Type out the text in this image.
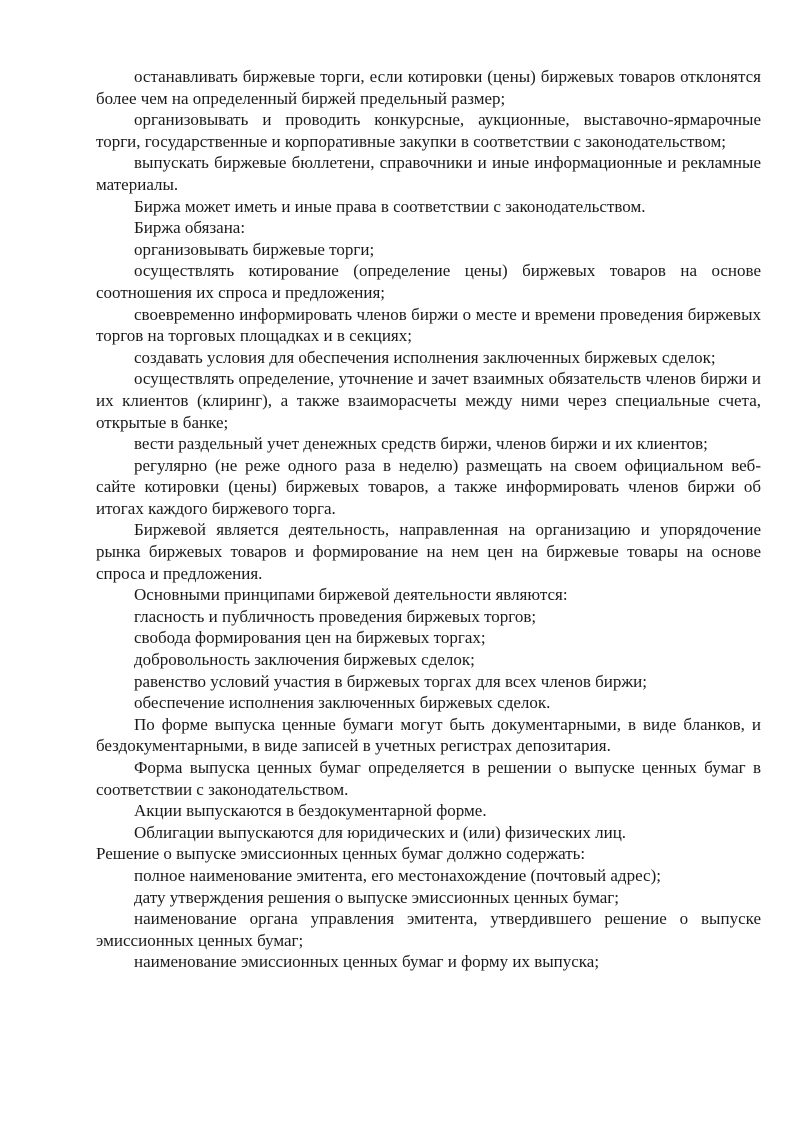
останавливать биржевые торги, если котировки (цены) биржевых товаров отклонятся более чем на определенный биржей предельный размер;

организовывать и проводить конкурсные, аукционные, выставочно-ярмарочные торги, государственные и корпоративные закупки в соответствии с законодательством;

выпускать биржевые бюллетени, справочники и иные информационные и рекламные материалы.

Биржа может иметь и иные права в соответствии с законодательством.

Биржа обязана:

организовывать биржевые торги;

осуществлять котирование (определение цены) биржевых товаров на основе соотношения их спроса и предложения;

своевременно информировать членов биржи о месте и времени проведения биржевых торгов на торговых площадках и в секциях;

создавать условия для обеспечения исполнения заключенных биржевых сделок;

осуществлять определение, уточнение и зачет взаимных обязательств членов биржи и их клиентов (клиринг), а также взаиморасчеты между ними через специальные счета, открытые в банке;

вести раздельный учет денежных средств биржи, членов биржи и их клиентов;

регулярно (не реже одного раза в неделю) размещать на своем официальном веб-сайте котировки (цены) биржевых товаров, а также информировать членов биржи об итогах каждого биржевого торга.

Биржевой является деятельность, направленная на организацию и упорядочение рынка биржевых товаров и формирование на нем цен на биржевые товары на основе спроса и предложения.

Основными принципами биржевой деятельности являются:

гласность и публичность проведения биржевых торгов;

свобода формирования цен на биржевых торгах;

добровольность заключения биржевых сделок;

равенство условий участия в биржевых торгах для всех членов биржи;

обеспечение исполнения заключенных биржевых сделок.

По форме выпуска ценные бумаги могут быть документарными, в виде бланков, и бездокументарными, в виде записей в учетных регистрах депозитария.

Форма выпуска ценных бумаг определяется в решении о выпуске ценных бумаг в соответствии с законодательством.

Акции выпускаются в бездокументарной форме.

Облигации выпускаются для юридических и (или) физических лиц.

Решение о выпуске эмиссионных ценных бумаг должно содержать:

полное наименование эмитента, его местонахождение (почтовый адрес);

дату утверждения решения о выпуске эмиссионных ценных бумаг;

наименование органа управления эмитента, утвердившего решение о выпуске эмиссионных ценных бумаг;

наименование эмиссионных ценных бумаг и форму их выпуска;
